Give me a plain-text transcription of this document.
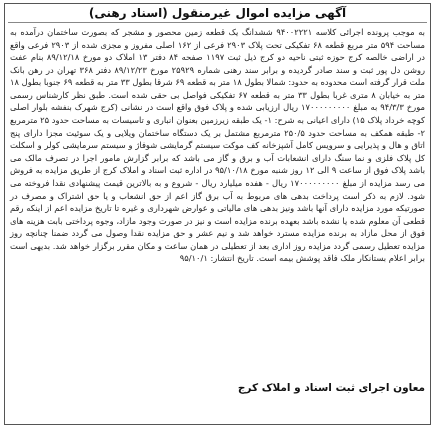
آگهی مزایده اموال غیرمنقول (اسناد رهنی)

به موجب پرونده اجرائی کلاسه ۹۴۰۰۲۲۲۱ ششدانگ یک قطعه زمین محصور و مشجر که بصورت ساختمان درآمده به مساحت ۵۹۴ متر مربع قطعه ۶۸ تفکیکی تحت پلاک ۲۹۰۳ فرعی از ۱۶۲ اصلی مفروز و مجزی شده از ۲۹۰۳ فرعی واقع در اراضی خالصه کرج حوزه ثبتی ناحیه دو کرج ذیل ثبت ۱۱۹۷ صفحه ۸۴ دفتر ۱۳ املاک دو مورخ ۸۹/۱۲/۱۸ بنام عفت روشن دل پور ثبت و سند صادر گردیده و برابر سند رهنی شماره ۲۵۹۲۹ مورخ ۸۹/۱۲/۲۳ دفتر ۳۶۸ تهران در رهن بانک ملت قرار گرفته است محدوده به حدود: شمالا بطول ۱۸ متر به قطعه ۶۹ شرقا بطول ۳۳ متر به قطعه ۶۹ جنوبا بطول ۱۸ متر به خیابان ۸ متری غربا بطول ۳۳ متر به قطعه ۶۷ تفکیکی فواصل بی حقی شده است. طبق نظر کارشناس رسمی مورخ ۹۴/۳/۳ به مبلغ ۱۷۰۰۰۰۰۰۰۰۰ ریال ارزیابی شده و پلاک فوق واقع است در نشانی (کرج شهرک بنفشه بلوار اصلی کوچه خرداد پلاک ۱۵) دارای اعیانی به شرح: ۱- یک طبقه زیرزمین بعنوان انباری و تاسیسات به مساحت حدود ۲۵ مترمربع ۲- طبقه همکف به مساحت حدود ۲۵۰/۵ مترمربع مشتمل بر یک دستگاه ساختمان ویلایی و یک سوئیت مجزا دارای پنج اتاق و هال و پذیرایی و سرویس کامل آشپزخانه کف موکت سیستم گرمایشی شوفاژ و سیستم سرمایشی کولر و اسکلت کل پلاک فلزی و نما سنگ دارای انشعابات آب و برق و گاز می باشد که برابر گزارش مامور اجرا در تصرف مالک می باشد پلاک فوق از ساعت ۹ الی ۱۲ روز شنبه مورخ ۹۵/۱۰/۱۸ در اداره ثبت اسناد و املاک کرج از طریق مزایده به فروش می رسد مزایده از مبلغ ۱۷۰۰۰۰۰۰۰۰۰ ریال - هفده میلیارد ریال - شروع و به بالاترین قیمت پیشنهادی نقدا فروخته می شود. لازم به ذکر است پرداخت بدهی های مربوط به آب برق گاز اعم از حق انشعاب و یا حق اشتراک و مصرف در صورتیکه مورد مزایده دارای آنها باشد ونیز بدهی های مالیاتی و عوارض شهرداری و غیره تا تاریخ مزایده اعم از اینکه رقم قطعی آن معلوم شده یا نشده باشد بعهده برنده مزایده است و نیز در صورت وجود مازاد، وجوه پرداختی بابت هزینه های فوق از محل مازاد به برنده مزایده مسترد خواهد شد و نیم عشر و حق مزایده نقدا وصول می گردد ضمنا چنانچه روز مزایده تعطیل رسمی گردد مزایده روز اداری بعد از تعطیلی در همان ساعت و مکان مقرر برگزار خواهد شد. بدیهی است برابر اعلام بستانکار ملک فاقد پوشش بیمه است. تاریخ انتشار: ۹۵/۱۰/۱

معاون اجرای ثبت اسناد و املاک کرج
